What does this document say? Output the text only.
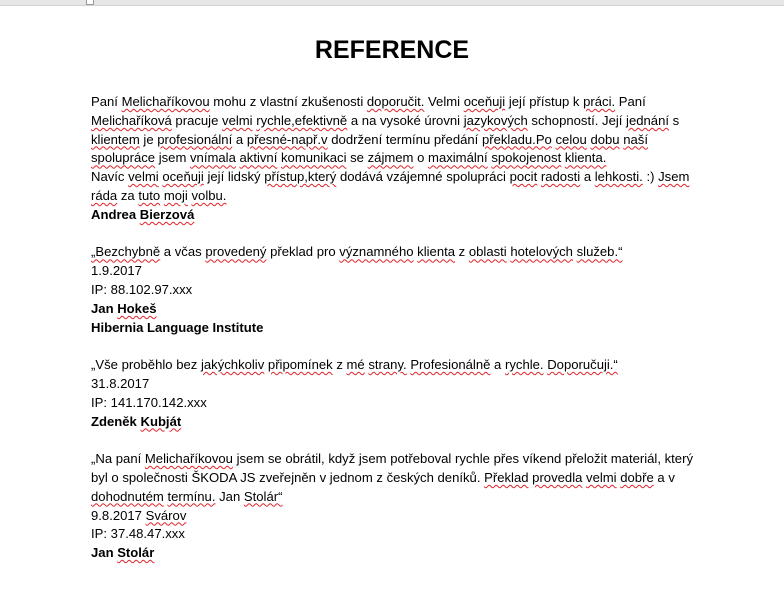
REFERENCE

Paní Melichaříkovou mohu z vlastní zkušenosti doporučit. Velmi oceňuji její přístup k práci. Paní Melichaříková pracuje velmi rychle,efektivně a na vysoké úrovni jazykových schopností. Její jednání s klientem je profesionální a přesné-např.v dodržení termínu předání překladu.Po celou dobu naší spolupráce jsem vnímala aktivní komunikaci se zájmem o maximální spokojenost klienta.

Navíc velmi oceňuji její lidský přístup,který dodává vzájemné spolupráci pocit radosti a lehkosti. :) Jsem ráda za tuto moji volbu.

Andrea Bierzová

„Bezchybně a včas provedený překlad pro významného klienta z oblasti hotelových služeb.“

1.9.2017

IP: 88.102.97.xxx

Jan Hokeš

Hibernia Language Institute

„Vše proběhlo bez jakýchkoliv připomínek z mé strany. Profesionálně a rychle. Doporučuji.“

31.8.2017

IP: 141.170.142.xxx

Zdeněk Kubját

„Na paní Melichaříkovou jsem se obrátil, když jsem potřeboval rychle přes víkend přeložit materiál, který byl o společnosti ŠKODA JS zveřejněn v jednom z českých deníků. Překlad provedla velmi dobře a v dohodnutém termínu. Jan Stolár“

9.8.2017 Svárov

IP: 37.48.47.xxx

Jan Stolár
